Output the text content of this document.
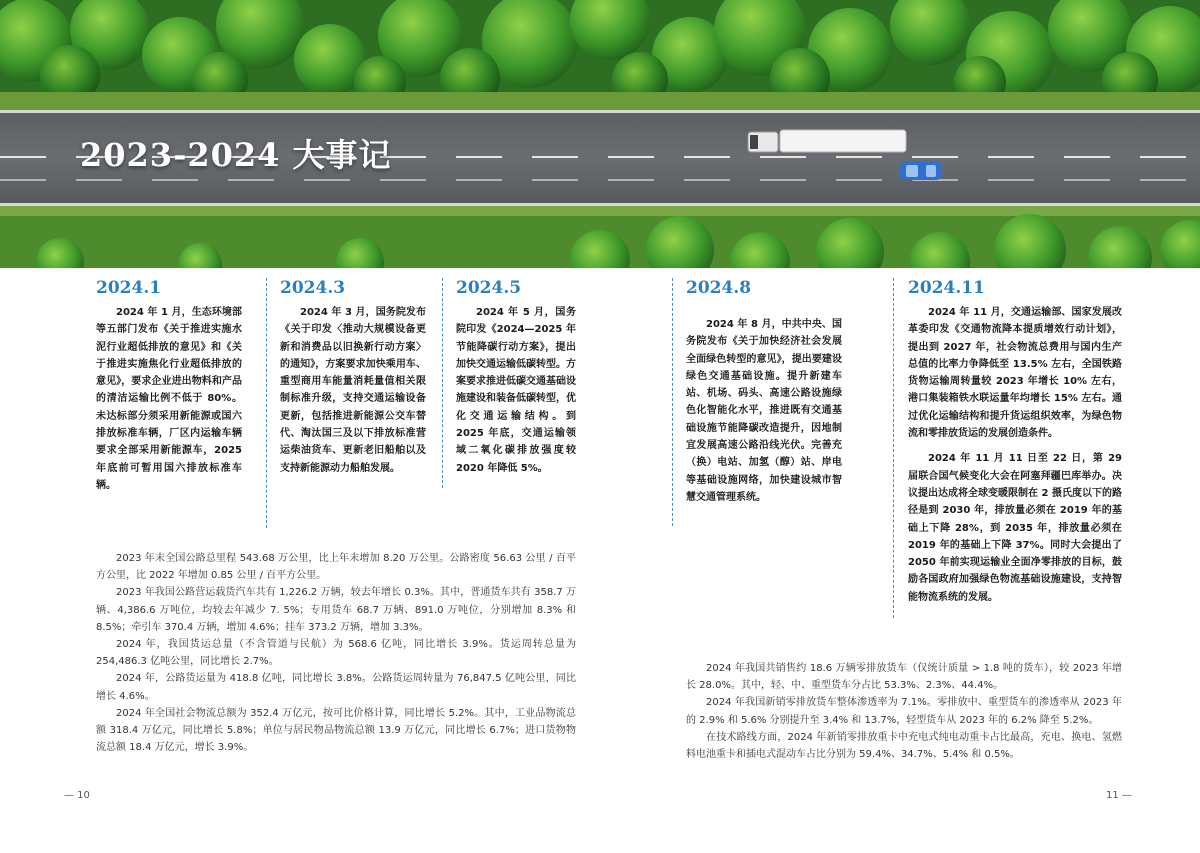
2023-2024 大事记
2024.1

2024 年 1 月，生态环境部等五部门发布《关于推进实施水泥行业超低排放的意见》和《关于推进实施焦化行业超低排放的意见》，要求企业进出物料和产品的清洁运输比例不低于 80%。未达标部分须采用新能源或国六排放标准车辆，厂区内运输车辆要求全部采用新能源车，2025 年底前可暂用国六排放标准车辆。

2024.3

2024 年 3 月，国务院发布《关于印发〈推动大规模设备更新和消费品以旧换新行动方案〉的通知》，方案要求加快乘用车、重型商用车能量消耗量值相关限制标准升级，支持交通运输设备更新，包括推进新能源公交车替代、淘汰国三及以下排放标准营运柴油货车、更新老旧船舶以及支持新能源动力船舶发展。

2024.5

2024 年 5 月，国务院印发《2024—2025 年节能降碳行动方案》，提出加快交通运输低碳转型。方案要求推进低碳交通基础设施建设和装备低碳转型，优化交通运输结构。到 2025 年底，交通运输领域二氧化碳排放强度较 2020 年降低 5%。

2024.8

2024 年 8 月，中共中央、国务院发布《关于加快经济社会发展全面绿色转型的意见》，提出要建设绿色交通基础设施。提升新建车站、机场、码头、高速公路设施绿色化智能化水平，推进既有交通基础设施节能降碳改造提升，因地制宜发展高速公路沿线光伏。完善充（换）电站、加氢（醇）站、岸电等基础设施网络，加快建设城市智慧交通管理系统。

2024.11

2024 年 11 月，交通运输部、国家发展改革委印发《交通物流降本提质增效行动计划》，提出到 2027 年，社会物流总费用与国内生产总值的比率力争降低至 13.5% 左右，全国铁路货物运输周转量较 2023 年增长 10% 左右，港口集装箱铁水联运量年均增长 15% 左右。通过优化运输结构和提升货运组织效率，为绿色物流和零排放货运的发展创造条件。

2024 年 11 月 11 日至 22 日，第 29 届联合国气候变化大会在阿塞拜疆巴库举办。决议提出达成将全球变暖限制在 2 摄氏度以下的路径是到 2030 年，排放量必须在 2019 年的基础上下降 28%，到 2035 年，排放量必须在 2019 年的基础上下降 37%。同时大会提出了 2050 年前实现运输业全面净零排放的目标，鼓励各国政府加强绿色物流基础设施建设，支持智能物流系统的发展。

2023 年末全国公路总里程 543.68 万公里，比上年末增加 8.20 万公里。公路密度 56.63 公里 / 百平方公里，比 2022 年增加 0.85 公里 / 百平方公里。

2023 年我国公路营运载货汽车共有 1,226.2 万辆，较去年增长 0.3%。其中，普通货车共有 358.7 万辆、4,386.6 万吨位，均较去年减少 7. 5%；专用货车 68.7 万辆、891.0 万吨位，分别增加 8.3% 和 8.5%；牵引车 370.4 万辆，增加 4.6%；挂车 373.2 万辆，增加 3.3%。

2024 年，我国货运总量（不含管道与民航）为 568.6 亿吨，同比增长 3.9%。货运周转总量为 254,486.3 亿吨公里，同比增长 2.7%。

2024 年，公路货运量为 418.8 亿吨，同比增长 3.8%。公路货运周转量为 76,847.5 亿吨公里，同比增长 4.6%。

2024 年全国社会物流总额为 352.4 万亿元，按可比价格计算，同比增长 5.2%。其中，工业品物流总额 318.4 万亿元，同比增长 5.8%；单位与居民物品物流总额 13.9 万亿元，同比增长 6.7%；进口货物物流总额 18.4 万亿元，增长 3.9%。

2024 年我国共销售约 18.6 万辆零排放货车（仅统计质量 > 1.8 吨的货车），较 2023 年增长 28.0%。其中，轻、中、重型货车分占比 53.3%、2.3%、44.4%。

2024 年我国新销零排放货车整体渗透率为 7.1%。零排放中、重型货车的渗透率从 2023 年的 2.9% 和 5.6% 分别提升至 3.4% 和 13.7%，轻型货车从 2023 年的 6.2% 降至 5.2%。

在技术路线方面，2024 年新销零排放重卡中充电式纯电动重卡占比最高，充电、换电、氢燃料电池重卡和插电式混动车占比分别为 59.4%、34.7%、5.4% 和 0.5%。

— 10	11 —
